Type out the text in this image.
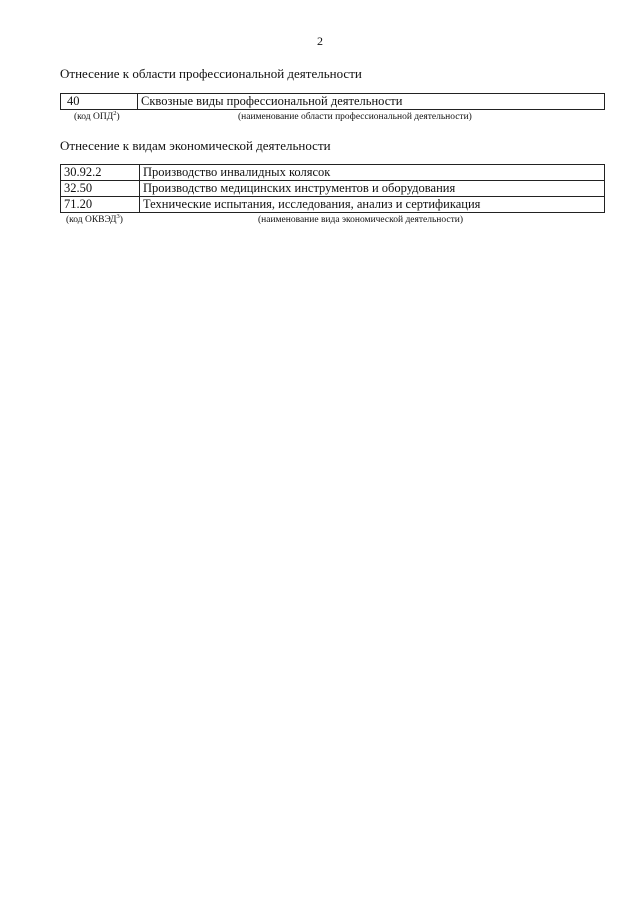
2
Отнесение к области профессиональной деятельности
40	Сквозные виды профессиональной деятельности
(код ОПД$^2$)	(наименование области профессиональной деятельности)
Отнесение к видам экономической деятельности
30.92.2	Производство инвалидных колясок
32.50	Производство медицинских инструментов и оборудования
71.20	Технические испытания, исследования, анализ и сертификация
(код ОКВЭД$^3$)	(наименование вида экономической деятельности)
